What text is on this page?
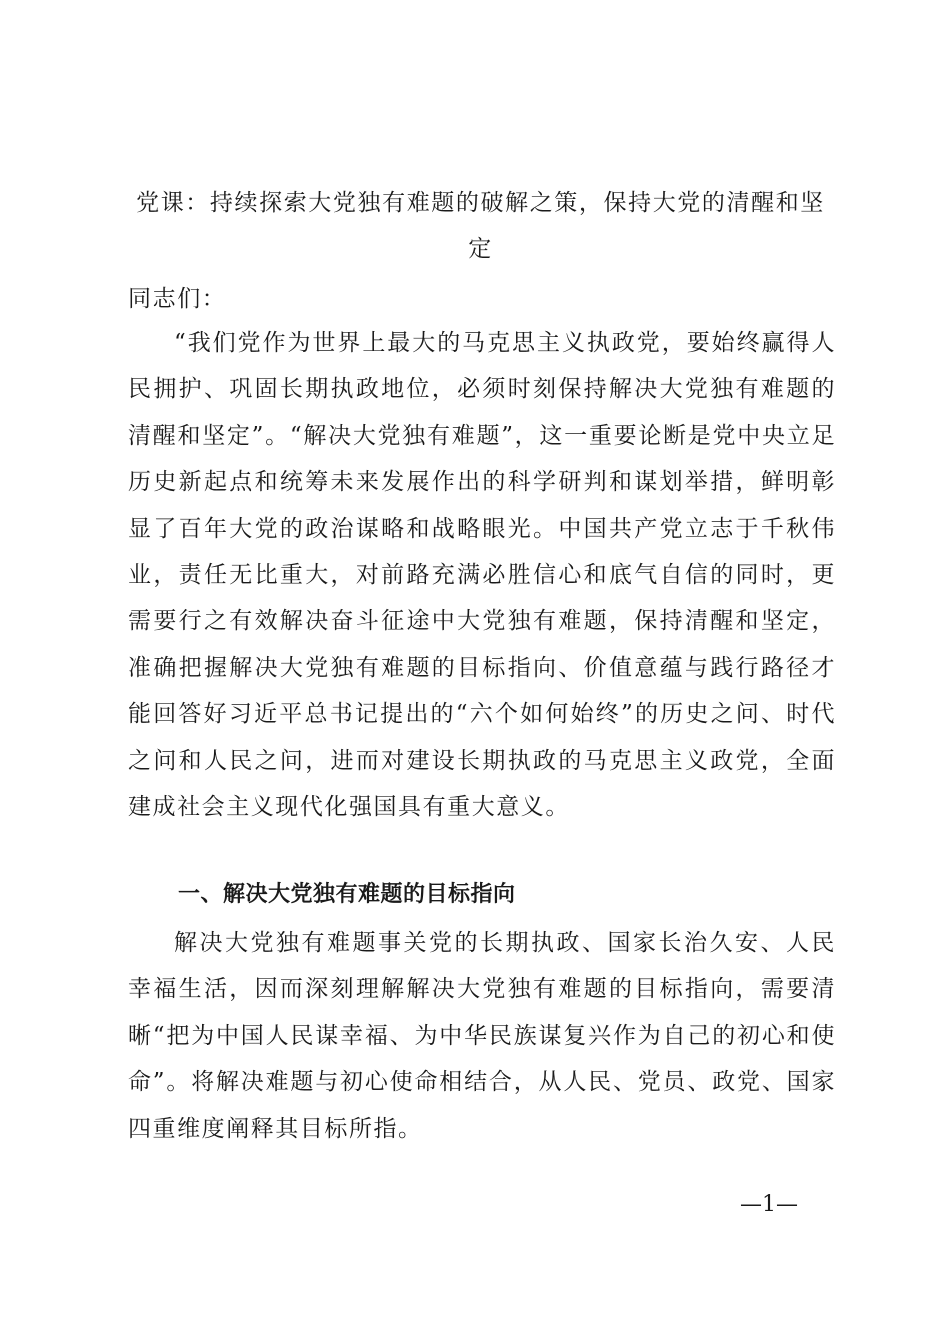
党课：持续探索大党独有难题的破解之策，保持大党的清醒和坚定

同志们：

“我们党作为世界上最大的马克思主义执政党，要始终赢得人民拥护、巩固长期执政地位，必须时刻保持解决大党独有难题的清醒和坚定”。“解决大党独有难题”，这一重要论断是党中央立足历史新起点和统筹未来发展作出的科学研判和谋划举措，鲜明彰显了百年大党的政治谋略和战略眼光。中国共产党立志于千秋伟业，责任无比重大，对前路充满必胜信心和底气自信的同时，更需要行之有效解决奋斗征途中大党独有难题，保持清醒和坚定，准确把握解决大党独有难题的目标指向、价值意蕴与践行路径才能回答好习近平总书记提出的“六个如何始终”的历史之问、时代之问和人民之问，进而对建设长期执政的马克思主义政党，全面建成社会主义现代化强国具有重大意义。

一、解决大党独有难题的目标指向

解决大党独有难题事关党的长期执政、国家长治久安、人民幸福生活，因而深刻理解解决大党独有难题的目标指向，需要清晰“把为中国人民谋幸福、为中华民族谋复兴作为自己的初心和使命”。将解决难题与初心使命相结合，从人民、党员、政党、国家四重维度阐释其目标所指。

—1—
